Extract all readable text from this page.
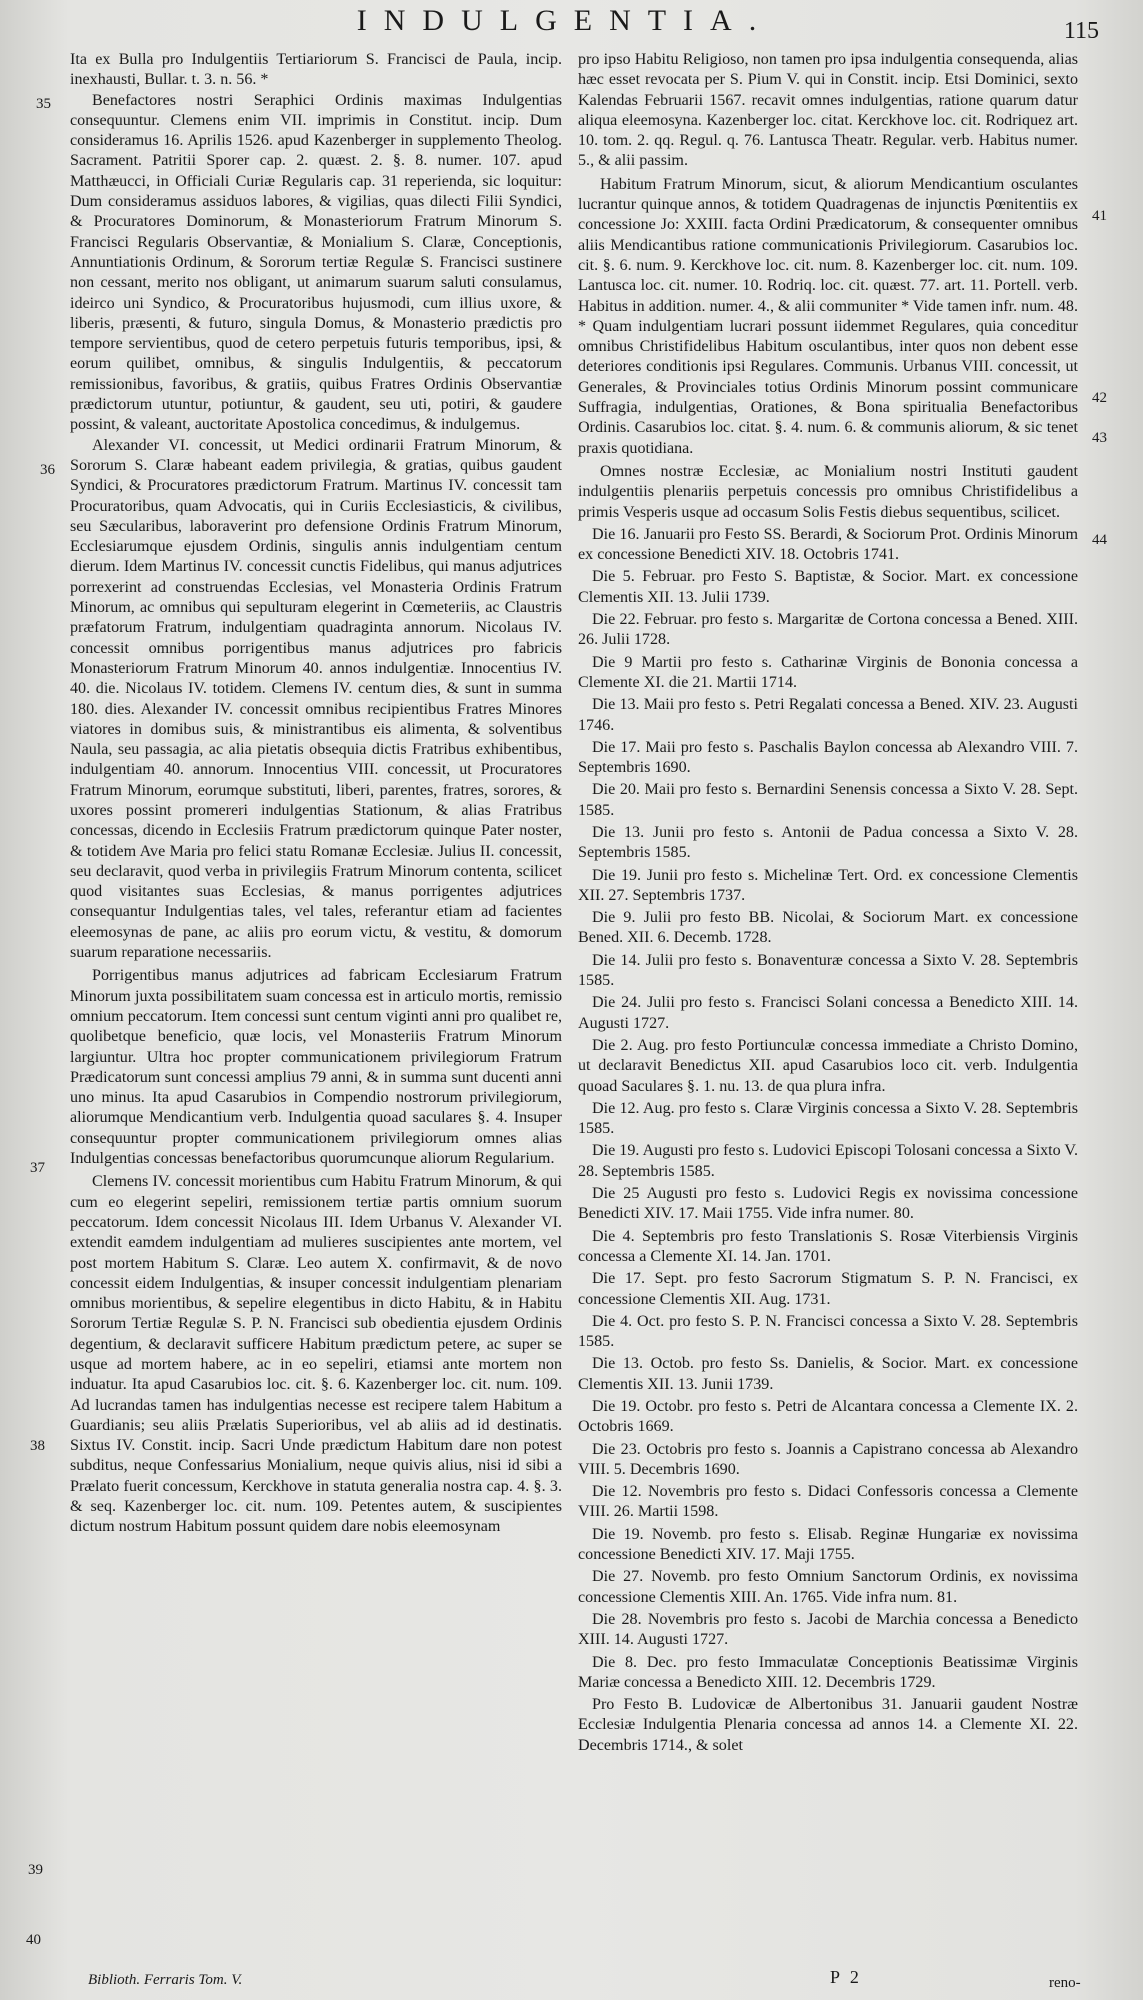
INDULGENTIA.	115
35
36
37
38
39
40
41
42
43
44

Ita ex Bulla pro Indulgentiis Tertiariorum S. Francisci de Paula, incip. inexhausti, Bullar. t. 3. n. 56. *

Benefactores nostri Seraphici Ordinis maximas Indulgentias consequuntur. Clemens enim VII. imprimis in Constitut. incip. Dum consideramus 16. Aprilis 1526. apud Kazenberger in supplemento Theolog. Sacrament. Patritii Sporer cap. 2. quæst. 2. §. 8. numer. 107. apud Matthæucci, in Officiali Curiæ Regularis cap. 31 reperienda, sic loquitur: Dum consideramus assiduos labores, & vigilias, quas dilecti Filii Syndici, & Procuratores Dominorum, & Monasteriorum Fratrum Minorum S. Francisci Regularis Observantiæ, & Monialium S. Claræ, Conceptionis, Annuntiationis Ordinum, & Sororum tertiæ Regulæ S. Francisci sustinere non cessant, merito nos obligant, ut animarum suarum saluti consulamus, ideirco uni Syndico, & Procuratoribus hujusmodi, cum illius uxore, & liberis, præsenti, & futuro, singula Domus, & Monasterio prædictis pro tempore servientibus, quod de cetero perpetuis futuris temporibus, ipsi, & eorum quilibet, omnibus, & singulis Indulgentiis, & peccatorum remissionibus, favoribus, & gratiis, quibus Fratres Ordinis Observantiæ prædictorum utuntur, potiuntur, & gaudent, seu uti, potiri, & gaudere possint, & valeant, auctoritate Apostolica concedimus, & indulgemus.

Alexander VI. concessit, ut Medici ordinarii Fratrum Minorum, & Sororum S. Claræ habeant eadem privilegia, & gratias, quibus gaudent Syndici, & Procuratores prædictorum Fratrum. Martinus IV. concessit tam Procuratoribus, quam Advocatis, qui in Curiis Ecclesiasticis, & civilibus, seu Sæcularibus, laboraverint pro defensione Ordinis Fratrum Minorum, Ecclesiarumque ejusdem Ordinis, singulis annis indulgentiam centum dierum. Idem Martinus IV. concessit cunctis Fidelibus, qui manus adjutrices porrexerint ad construendas Ecclesias, vel Monasteria Ordinis Fratrum Minorum, ac omnibus qui sepulturam elegerint in Cœmeteriis, ac Claustris præfatorum Fratrum, indulgentiam quadraginta annorum. Nicolaus IV. concessit omnibus porrigentibus manus adjutrices pro fabricis Monasteriorum Fratrum Minorum 40. annos indulgentiæ. Innocentius IV. 40. die. Nicolaus IV. totidem. Clemens IV. centum dies, & sunt in summa 180. dies. Alexander IV. concessit omnibus recipientibus Fratres Minores viatores in domibus suis, & ministrantibus eis alimenta, & solventibus Naula, seu passagia, ac alia pietatis obsequia dictis Fratribus exhibentibus, indulgentiam 40. annorum. Innocentius VIII. concessit, ut Procuratores Fratrum Minorum, eorumque substituti, liberi, parentes, fratres, sorores, & uxores possint promereri indulgentias Stationum, & alias Fratribus concessas, dicendo in Ecclesiis Fratrum prædictorum quinque Pater noster, & totidem Ave Maria pro felici statu Romanæ Ecclesiæ. Julius II. concessit, seu declaravit, quod verba in privilegiis Fratrum Minorum contenta, scilicet quod visitantes suas Ecclesias, & manus porrigentes adjutrices consequantur Indulgentias tales, vel tales, referantur etiam ad facientes eleemosynas de pane, ac aliis pro eorum victu, & vestitu, & domorum suarum reparatione necessariis.

Porrigentibus manus adjutrices ad fabricam Ecclesiarum Fratrum Minorum juxta possibilitatem suam concessa est in articulo mortis, remissio omnium peccatorum. Item concessi sunt centum viginti anni pro qualibet re, quolibetque beneficio, quæ locis, vel Monasteriis Fratrum Minorum largiuntur. Ultra hoc propter communicationem privilegiorum Fratrum Prædicatorum sunt concessi amplius 79 anni, & in summa sunt ducenti anni uno minus. Ita apud Casarubios in Compendio nostrorum privilegiorum, aliorumque Mendicantium verb. Indulgentia quoad saculares §. 4. Insuper consequuntur propter communicationem privilegiorum omnes alias Indulgentias concessas benefactoribus quorumcunque aliorum Regularium.

Clemens IV. concessit morientibus cum Habitu Fratrum Minorum, & qui cum eo elegerint sepeliri, remissionem tertiæ partis omnium suorum peccatorum. Idem concessit Nicolaus III. Idem Urbanus V. Alexander VI. extendit eamdem indulgentiam ad mulieres suscipientes ante mortem, vel post mortem Habitum S. Claræ. Leo autem X. confirmavit, & de novo concessit eidem Indulgentias, & insuper concessit indulgentiam plenariam omnibus morientibus, & sepelire elegentibus in dicto Habitu, & in Habitu Sororum Tertiæ Regulæ S. P. N. Francisci sub obedientia ejusdem Ordinis degentium, & declaravit sufficere Habitum prædictum petere, ac super se usque ad mortem habere, ac in eo sepeliri, etiamsi ante mortem non induatur. Ita apud Casarubios loc. cit. §. 6. Kazenberger loc. cit. num. 109. Ad lucrandas tamen has indulgentias necesse est recipere talem Habitum a Guardianis; seu aliis Prælatis Superioribus, vel ab aliis ad id destinatis. Sixtus IV. Constit. incip. Sacri Unde prædictum Habitum dare non potest subditus, neque Confessarius Monialium, neque quivis alius, nisi id sibi a Prælato fuerit concessum, Kerckhove in statuta generalia nostra cap. 4. §. 3. & seq. Kazenberger loc. cit. num. 109. Petentes autem, & suscipientes dictum nostrum Habitum possunt quidem dare nobis eleemosynam

pro ipso Habitu Religioso, non tamen pro ipsa indulgentia consequenda, alias hæc esset revocata per S. Pium V. qui in Constit. incip. Etsi Dominici, sexto Kalendas Februarii 1567. recavit omnes indulgentias, ratione quarum datur aliqua eleemosyna. Kazenberger loc. citat. Kerckhove loc. cit. Rodriquez art. 10. tom. 2. qq. Regul. q. 76. Lantusca Theatr. Regular. verb. Habitus numer. 5., & alii passim.

Habitum Fratrum Minorum, sicut, & aliorum Mendicantium osculantes lucrantur quinque annos, & totidem Quadragenas de injunctis Pœnitentiis ex concessione Jo: XXIII. facta Ordini Prædicatorum, & consequenter omnibus aliis Mendicantibus ratione communicationis Privilegiorum. Casarubios loc. cit. §. 6. num. 9. Kerckhove loc. cit. num. 8. Kazenberger loc. cit. num. 109. Lantusca loc. cit. numer. 10. Rodriq. loc. cit. quæst. 77. art. 11. Portell. verb. Habitus in addition. numer. 4., & alii communiter * Vide tamen infr. num. 48. * Quam indulgentiam lucrari possunt iidemmet Regulares, quia conceditur omnibus Christifidelibus Habitum osculantibus, inter quos non debent esse deteriores conditionis ipsi Regulares. Communis. Urbanus VIII. concessit, ut Generales, & Provinciales totius Ordinis Minorum possint communicare Suffragia, indulgentias, Orationes, & Bona spiritualia Benefactoribus Ordinis. Casarubios loc. citat. §. 4. num. 6. & communis aliorum, & sic tenet praxis quotidiana.

Omnes nostræ Ecclesiæ, ac Monialium nostri Instituti gaudent indulgentiis plenariis perpetuis concessis pro omnibus Christifidelibus a primis Vesperis usque ad occasum Solis Festis diebus sequentibus, scilicet.

Die 16. Januarii pro Festo SS. Berardi, & Sociorum Prot. Ordinis Minorum ex concessione Benedicti XIV. 18. Octobris 1741.

Die 5. Februar. pro Festo S. Baptistæ, & Socior. Mart. ex concessione Clementis XII. 13. Julii 1739.

Die 22. Februar. pro festo s. Margaritæ de Cortona concessa a Bened. XIII. 26. Julii 1728.

Die 9 Martii pro festo s. Catharinæ Virginis de Bononia concessa a Clemente XI. die 21. Martii 1714.

Die 13. Maii pro festo s. Petri Regalati concessa a Bened. XIV. 23. Augusti 1746.

Die 17. Maii pro festo s. Paschalis Baylon concessa ab Alexandro VIII. 7. Septembris 1690.

Die 20. Maii pro festo s. Bernardini Senensis concessa a Sixto V. 28. Sept. 1585.

Die 13. Junii pro festo s. Antonii de Padua concessa a Sixto V. 28. Septembris 1585.

Die 19. Junii pro festo s. Michelinæ Tert. Ord. ex concessione Clementis XII. 27. Septembris 1737.

Die 9. Julii pro festo BB. Nicolai, & Sociorum Mart. ex concessione Bened. XII. 6. Decemb. 1728.

Die 14. Julii pro festo s. Bonaventuræ concessa a Sixto V. 28. Septembris 1585.

Die 24. Julii pro festo s. Francisci Solani concessa a Benedicto XIII. 14. Augusti 1727.

Die 2. Aug. pro festo Portiunculæ concessa immediate a Christo Domino, ut declaravit Benedictus XII. apud Casarubios loco cit. verb. Indulgentia quoad Saculares §. 1. nu. 13. de qua plura infra.

Die 12. Aug. pro festo s. Claræ Virginis concessa a Sixto V. 28. Septembris 1585.

Die 19. Augusti pro festo s. Ludovici Episcopi Tolosani concessa a Sixto V. 28. Septembris 1585.

Die 25 Augusti pro festo s. Ludovici Regis ex novissima concessione Benedicti XIV. 17. Maii 1755. Vide infra numer. 80.

Die 4. Septembris pro festo Translationis S. Rosæ Viterbiensis Virginis concessa a Clemente XI. 14. Jan. 1701.

Die 17. Sept. pro festo Sacrorum Stigmatum S. P. N. Francisci, ex concessione Clementis XII. Aug. 1731.

Die 4. Oct. pro festo S. P. N. Francisci concessa a Sixto V. 28. Septembris 1585.

Die 13. Octob. pro festo Ss. Danielis, & Socior. Mart. ex concessione Clementis XII. 13. Junii 1739.

Die 19. Octobr. pro festo s. Petri de Alcantara concessa a Clemente IX. 2. Octobris 1669.

Die 23. Octobris pro festo s. Joannis a Capistrano concessa ab Alexandro VIII. 5. Decembris 1690.

Die 12. Novembris pro festo s. Didaci Confessoris concessa a Clemente VIII. 26. Martii 1598.

Die 19. Novemb. pro festo s. Elisab. Reginæ Hungariæ ex novissima concessione Benedicti XIV. 17. Maji 1755.

Die 27. Novemb. pro festo Omnium Sanctorum Ordinis, ex novissima concessione Clementis XIII. An. 1765. Vide infra num. 81.

Die 28. Novembris pro festo s. Jacobi de Marchia concessa a Benedicto XIII. 14. Augusti 1727.

Die 8. Dec. pro festo Immaculatæ Conceptionis Beatissimæ Virginis Mariæ concessa a Benedicto XIII. 12. Decembris 1729.

Pro Festo B. Ludovicæ de Albertonibus 31. Januarii gaudent Nostræ Ecclesiæ Indulgentia Plenaria concessa ad annos 14. a Clemente XI. 22. Decembris 1714., & solet

Biblioth. Ferraris Tom. V.	P 2	reno-
